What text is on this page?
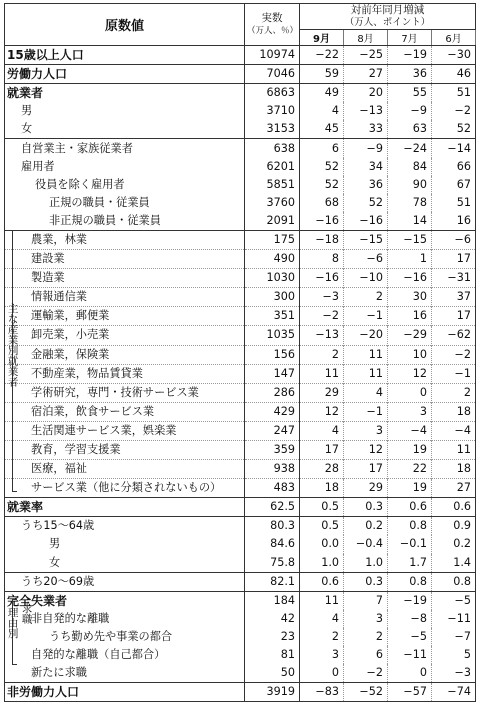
原数値	実数
（万人、％）	対前年同月増減
（万人、ポイント）			
		9月	8月	7月	6月
15歳以上人口	10974	−22	−25	−19	−30
労働力人口	7046	59	27	36	46
就業者	6863	49	20	55	51
男	3710	4	−13	−9	−2
女	3153	45	33	63	52
自営業主・家族従業者	638	6	−9	−24	−14
雇用者	6201	52	34	84	66
役員を除く雇用者	5851	52	36	90	67
正規の職員・従業員	3760	68	52	78	51
非正規の職員・従業員	2091	−16	−16	14	16
農業，林業	175	−18	−15	−15	−6
建設業	490	8	−6	1	17
製造業	1030	−16	−10	−16	−31
情報通信業	300	−3	2	30	37
運輸業，郵便業	351	−2	−1	16	17
卸売業，小売業	1035	−13	−20	−29	−62
金融業，保険業	156	2	11	10	−2
不動産業，物品賃貸業	147	11	11	12	−1
学術研究，専門・技術サービス業	286	29	4	0	2
宿泊業，飲食サービス業	429	12	−1	3	18
生活関連サービス業，娯楽業	247	4	3	−4	−4
教育，学習支援業	359	17	12	19	11
医療，福祉	938	28	17	22	18
サービス業（他に分類されないもの）	483	18	29	19	27
就業率	62.5	0.5	0.3	0.6	0.6
うち15～64歳	80.3	0.5	0.2	0.8	0.9
男	84.6	0.0	−0.4	−0.1	0.2
女	75.8	1.0	1.0	1.7	1.4
うち20～69歳	82.1	0.6	0.3	0.8	0.8
完全失業者	184	11	7	−19	−5
非自発的な離職	42	4	3	−8	−11
うち勤め先や事業の都合	23	2	2	−5	−7
自発的な離職（自己都合）	81	3	6	−11	5
新たに求職	50	0	−2	0	−3
非労働力人口	3919	−83	−52	−57	−74
主な産業別就業者
理由別 求職
